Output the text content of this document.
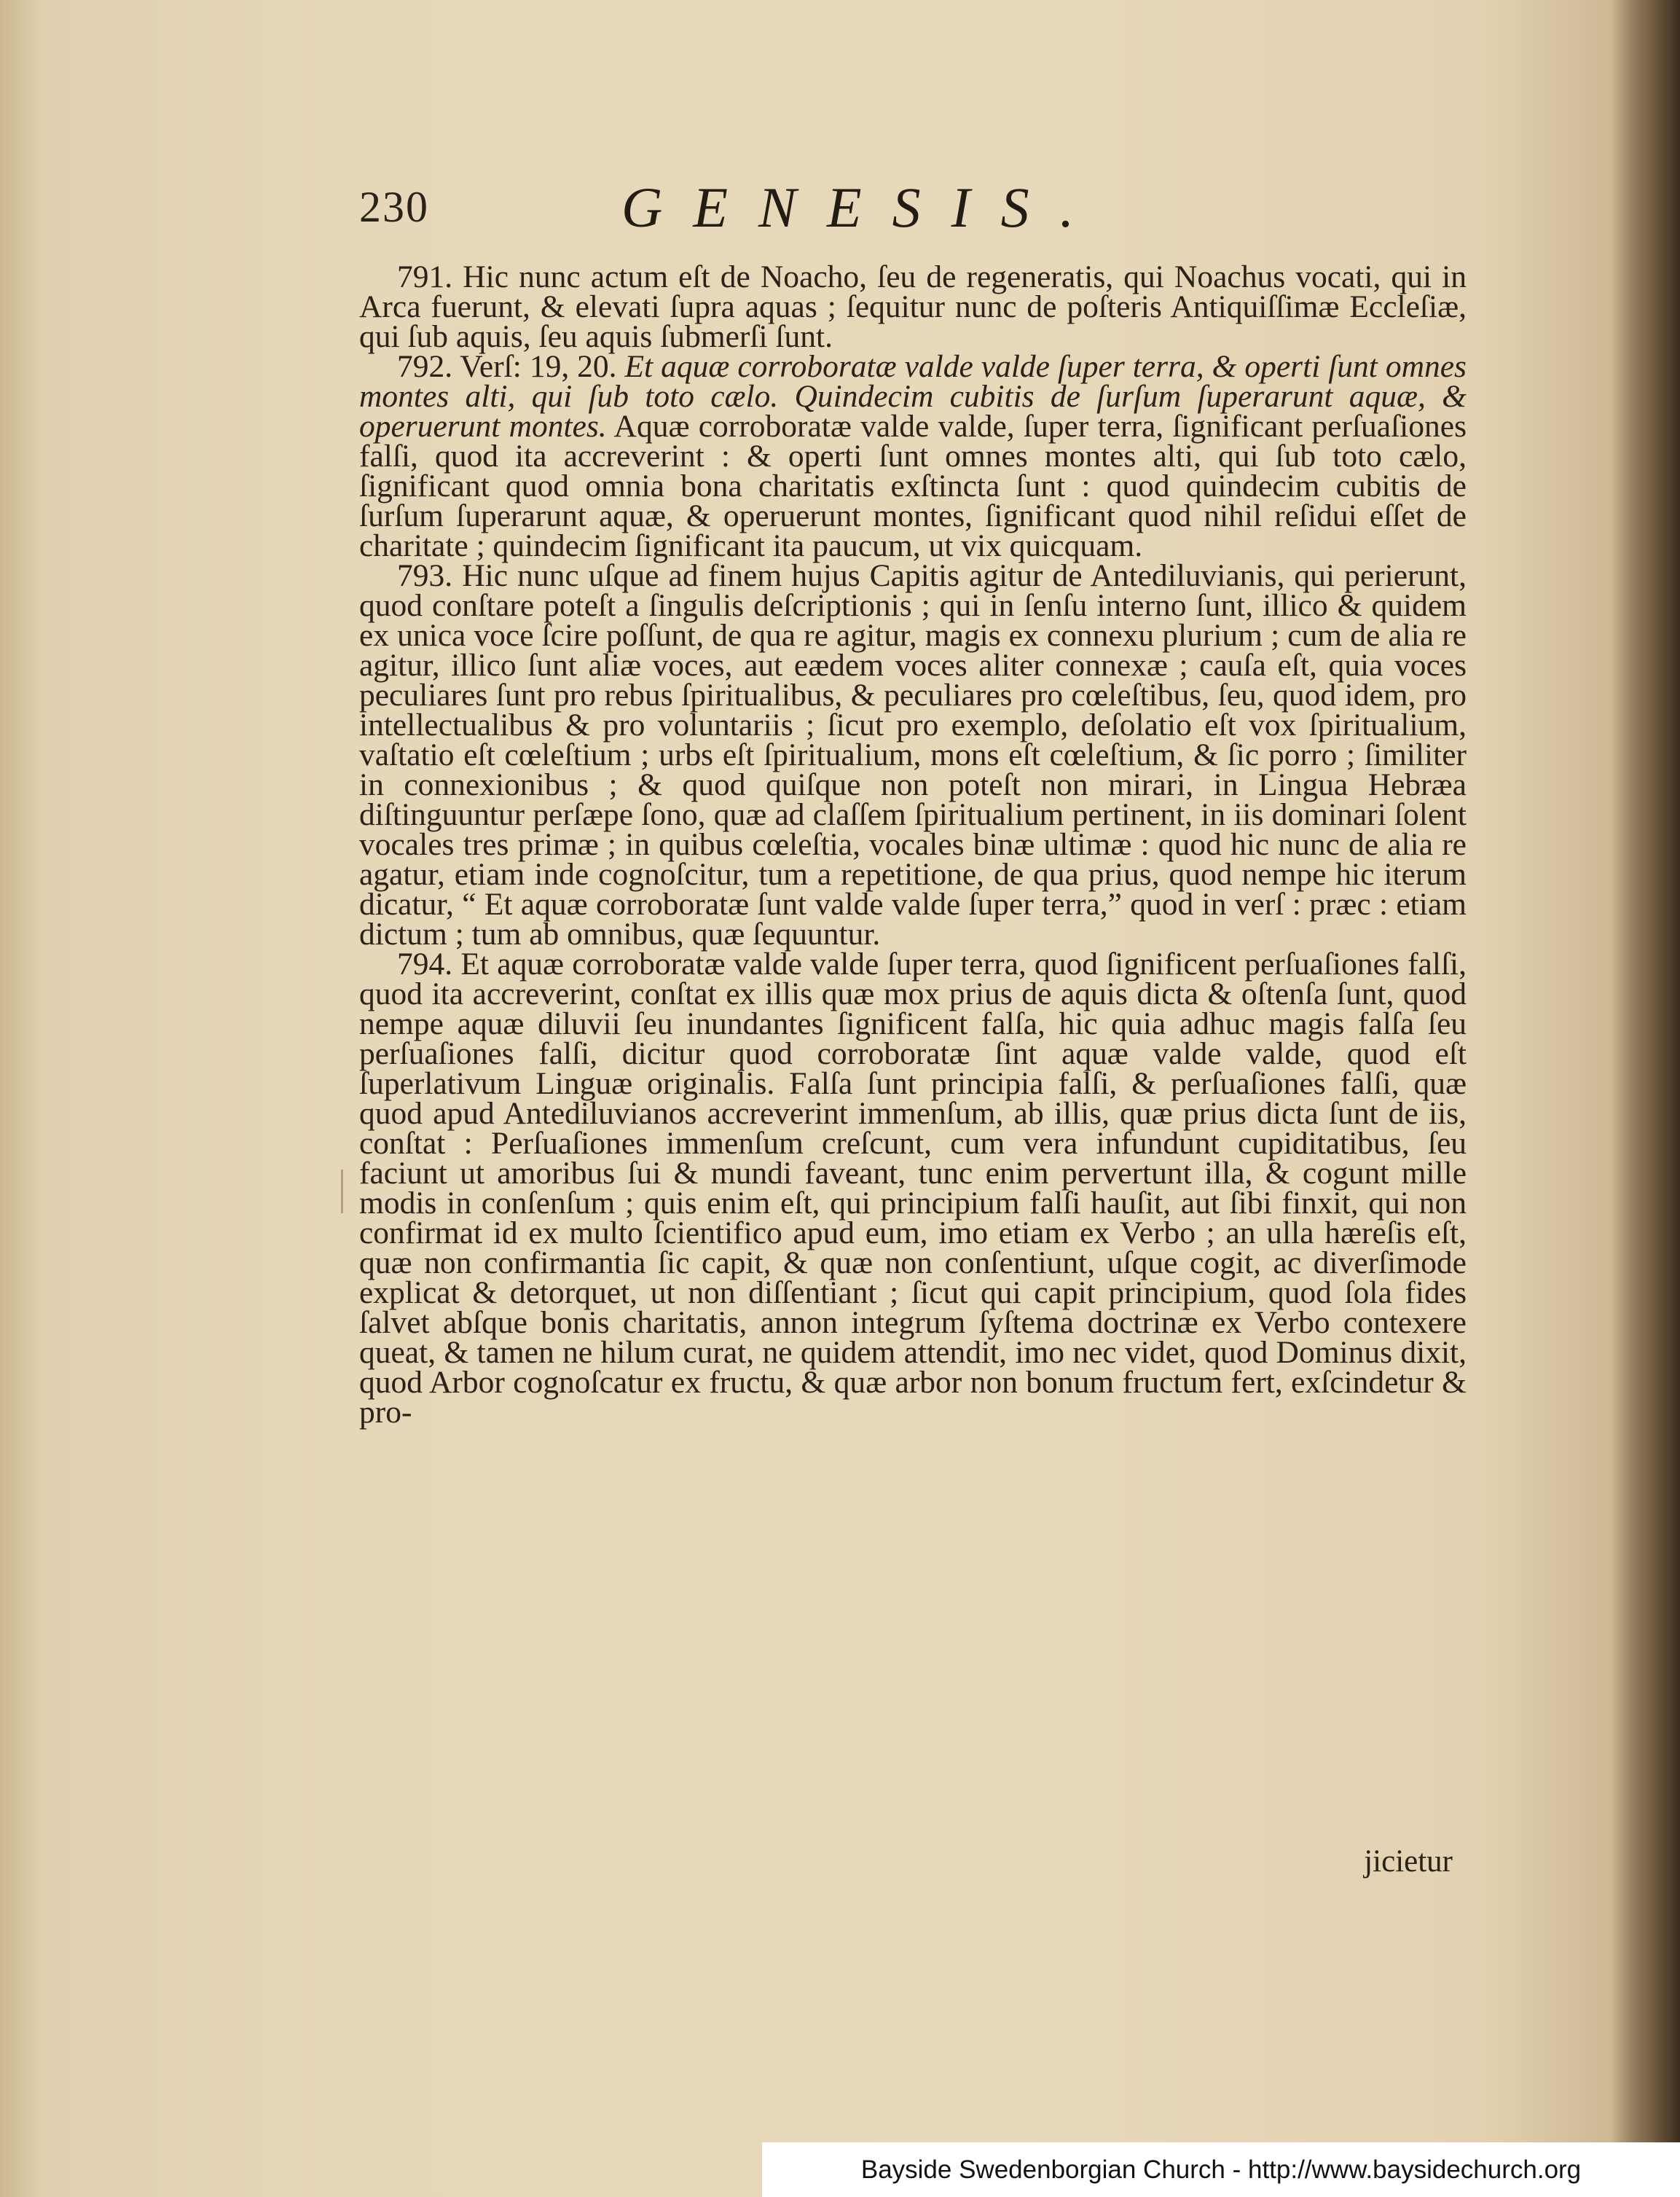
230	GENESIS.

791. Hic nunc actum eſt de Noacho, ſeu de regeneratis, qui Noachus vocati, qui in Arca fuerunt, & elevati ſupra aquas ; ſequitur nunc de poſteris Antiquiſſimæ Eccleſiæ, qui ſub aquis, ſeu aquis ſubmerſi ſunt.

792. Verſ: 19, 20. Et aquæ corroboratæ valde valde ſuper terra, & operti ſunt omnes montes alti, qui ſub toto cælo. Quindecim cubitis de ſurſum ſuperarunt aquæ, & operuerunt montes. Aquæ corroboratæ valde valde, ſuper terra, ſignificant perſuaſiones falſi, quod ita accreverint : & operti ſunt omnes montes alti, qui ſub toto cælo, ſignificant quod omnia bona charitatis exſtincta ſunt : quod quindecim cubitis de ſurſum ſuperarunt aquæ, & operuerunt montes, ſignificant quod nihil reſidui eſſet de charitate ; quindecim ſignificant ita paucum, ut vix quicquam.

793. Hic nunc uſque ad finem hujus Capitis agitur de Antediluvianis, qui perierunt, quod conſtare poteſt a ſingulis deſcriptionis ; qui in ſenſu interno ſunt, illico & quidem ex unica voce ſcire poſſunt, de qua re agitur, magis ex connexu plurium ; cum de alia re agitur, illico ſunt aliæ voces, aut eædem voces aliter connexæ ; cauſa eſt, quia voces peculiares ſunt pro rebus ſpiritualibus, & peculiares pro cœleſtibus, ſeu, quod idem, pro intellectualibus & pro voluntariis ; ſicut pro exemplo, deſolatio eſt vox ſpiritualium, vaſtatio eſt cœleſtium ; urbs eſt ſpiritualium, mons eſt cœleſtium, & ſic porro ; ſimiliter in connexionibus ; & quod quiſque non poteſt non mirari, in Lingua Hebræa diſtinguuntur perſæpe ſono, quæ ad claſſem ſpiritualium pertinent, in iis dominari ſolent vocales tres primæ ; in quibus cœleſtia, vocales binæ ultimæ : quod hic nunc de alia re agatur, etiam inde cognoſcitur, tum a repetitione, de qua prius, quod nempe hic iterum dicatur, “ Et aquæ corroboratæ ſunt valde valde ſuper terra,” quod in verſ : præc : etiam dictum ; tum ab omnibus, quæ ſequuntur.

794. Et aquæ corroboratæ valde valde ſuper terra, quod ſignificent perſuaſiones falſi, quod ita accreverint, conſtat ex illis quæ mox prius de aquis dicta & oſtenſa ſunt, quod nempe aquæ diluvii ſeu inundantes ſignificent falſa, hic quia adhuc magis falſa ſeu perſuaſiones falſi, dicitur quod corroboratæ ſint aquæ valde valde, quod eſt ſuperlativum Linguæ originalis. Falſa ſunt principia falſi, & perſuaſiones falſi, quæ quod apud Antediluvianos accreverint immenſum, ab illis, quæ prius dicta ſunt de iis, conſtat : Perſuaſiones immenſum creſcunt, cum vera infundunt cupiditatibus, ſeu faciunt ut amoribus ſui & mundi faveant, tunc enim pervertunt illa, & cogunt mille modis in conſenſum ; quis enim eſt, qui principium falſi hauſit, aut ſibi finxit, qui non confirmat id ex multo ſcientifico apud eum, imo etiam ex Verbo ; an ulla hæreſis eſt, quæ non confirmantia ſic capit, & quæ non conſentiunt, uſque cogit, ac diverſimode explicat & detorquet, ut non diſſentiant ; ſicut qui capit principium, quod ſola fides ſalvet abſque bonis charitatis, annon integrum ſyſtema doctrinæ ex Verbo contexere queat, & tamen ne hilum curat, ne quidem attendit, imo nec videt, quod Dominus dixit, quod Arbor cognoſcatur ex fructu, & quæ arbor non bonum fructum fert, exſcindetur & pro-

jicietur
Bayside Swedenborgian Church - http://www.baysidechurch.org
